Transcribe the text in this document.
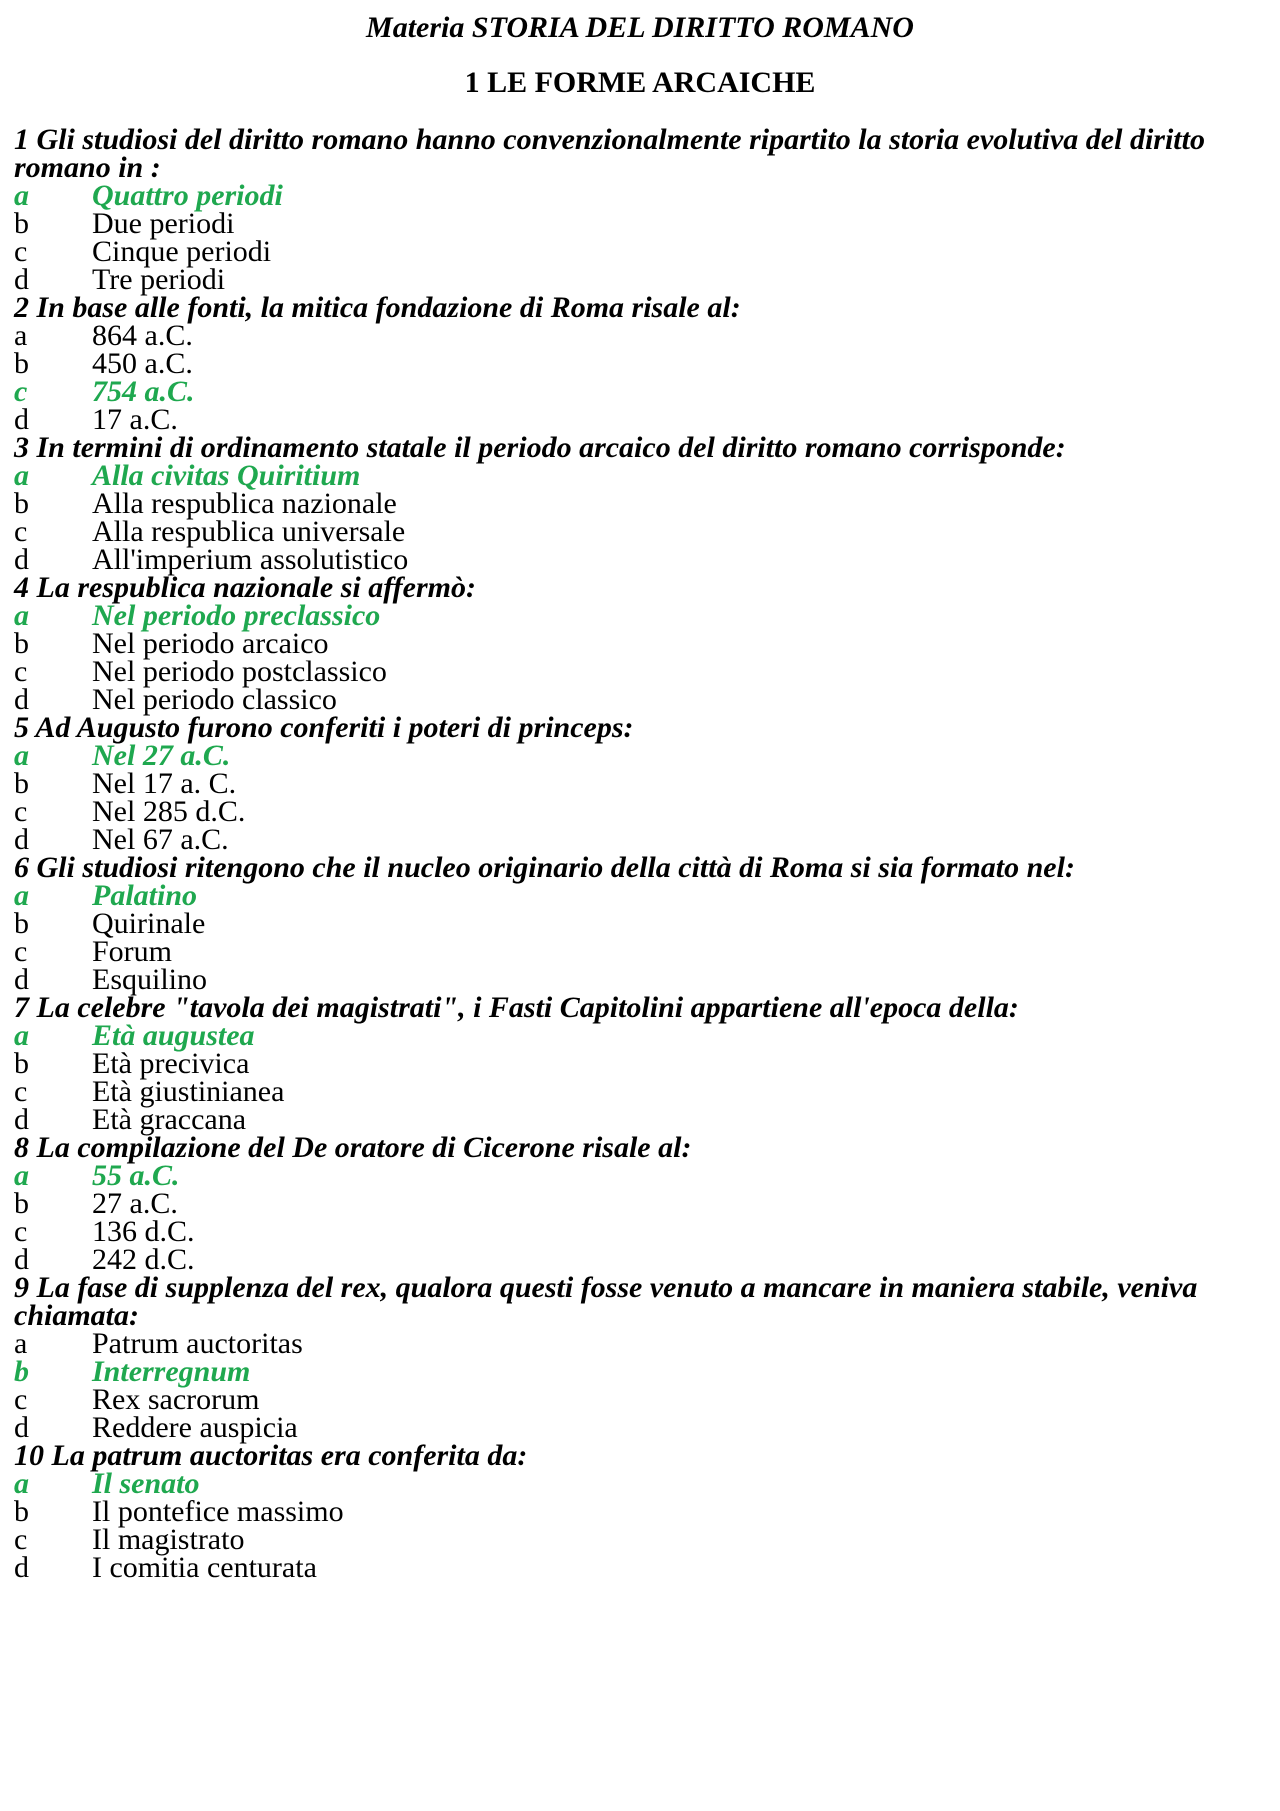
Materia STORIA DEL DIRITTO ROMANO
1 LE FORME ARCAICHE
1 Gli studiosi del diritto romano hanno convenzionalmente ripartito la storia evolutiva del diritto romano in :
a	Quattro periodi
b	Due periodi
c	Cinque periodi
d	Tre periodi
2 In base alle fonti, la mitica fondazione di Roma risale al:
a	864 a.C.
b	450 a.C.
c	754 a.C.
d	17 a.C.
3 In termini di ordinamento statale il periodo arcaico del diritto romano corrisponde:
a	Alla civitas Quiritium
b	Alla respublica nazionale
c	Alla respublica universale
d	All'imperium assolutistico
4 La respublica nazionale si affermò:
a	Nel periodo preclassico
b	Nel periodo arcaico
c	Nel periodo postclassico
d	Nel periodo classico
5 Ad Augusto furono conferiti i poteri di princeps:
a	Nel 27 a.C.
b	Nel 17 a. C.
c	Nel 285 d.C.
d	Nel 67 a.C.
6 Gli studiosi ritengono che il nucleo originario della città di Roma si sia formato nel:
a	Palatino
b	Quirinale
c	Forum
d	Esquilino
7 La celebre "tavola dei magistrati", i Fasti Capitolini appartiene all'epoca della:
a	Età augustea
b	Età precivica
c	Età giustinianea
d	Età graccana
8 La compilazione del De oratore di Cicerone risale al:
a	55 a.C.
b	27 a.C.
c	136 d.C.
d	242 d.C.
9 La fase di supplenza del rex, qualora questi fosse venuto a mancare in maniera stabile, veniva chiamata:
a	Patrum auctoritas
b	Interregnum
c	Rex sacrorum
d	Reddere auspicia
10 La patrum auctoritas era conferita da:
a	Il senato
b	Il pontefice massimo
c	Il magistrato
d	I comitia centurata
